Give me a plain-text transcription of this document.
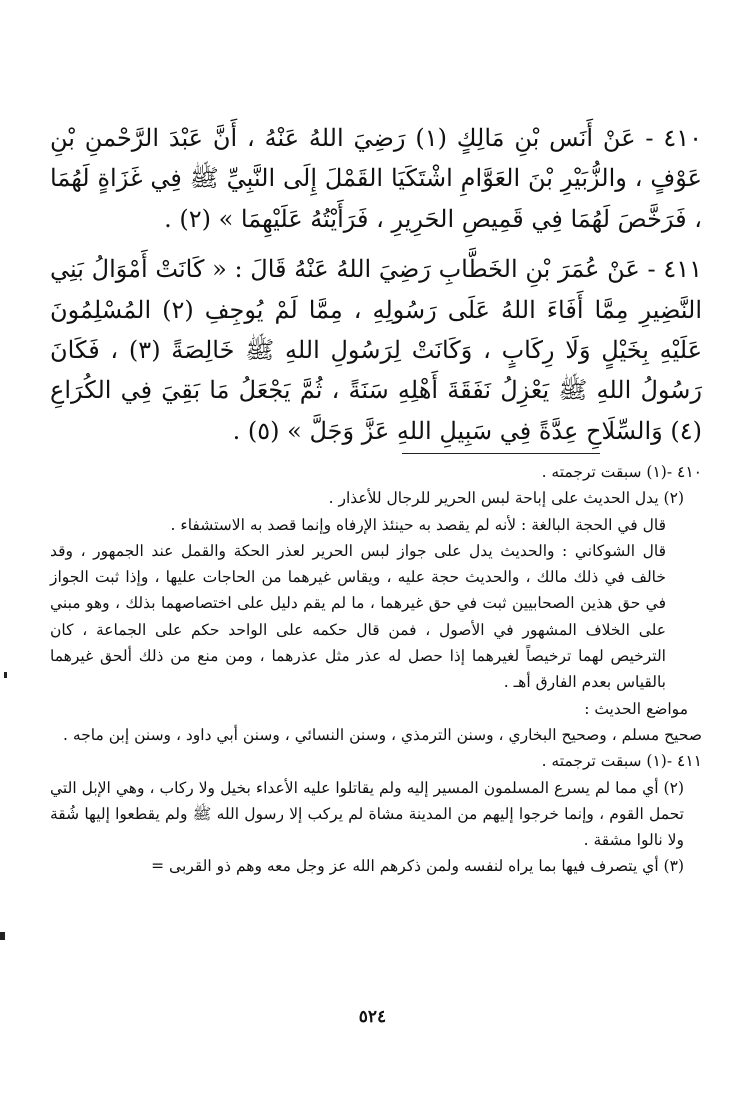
٤١٠ - عَنْ أَنَس بْنِ مَالِكٍ (١) رَضِيَ اللهُ عَنْهُ ، أَنَّ عَبْدَ الرَّحْمنِ بْنِ عَوْفٍ ، والزُّبَيْرِ بْنَ العَوَّامِ اشْتَكَيَا القَمْلَ إِلَى النَّبِيِّ ﷺ فِي غَزَاةٍ لَهُمَا ، فَرَخَّصَ لَهُمَا فِي قَمِيصِ الحَرِيرِ ، فَرَأَيْتُهُ عَلَيْهِمَا » (٢) .

٤١١ - عَنْ عُمَرَ بْنِ الخَطَّابِ رَضِيَ اللهُ عَنْهُ قَالَ : « كَانَتْ أَمْوَالُ بَنِي النَّضِيرِ مِمَّا أَفَاءَ اللهُ عَلَى رَسُولِهِ ، مِمَّا لَمْ يُوجِفِ (٢) المُسْلِمُونَ عَلَيْهِ بِخَيْلٍ وَلَا رِكَابٍ ، وَكَانَتْ لِرَسُولِ اللهِ ﷺ خَالِصَةً (٣) ، فَكَانَ رَسُولُ اللهِ ﷺ يَعْزِلُ نَفَقَةَ أَهْلِهِ سَنَةً ، ثُمَّ يَجْعَلُ مَا بَقِيَ فِي الكُرَاعِ (٤) وَالسِّلَاحِ عِدَّةً فِي سَبِيلِ اللهِ عَزَّ وَجَلَّ » (٥) .

٤١٠ -(١) سبقت ترجمته .
(٢) يدل الحديث على إباحة لبس الحرير للرجال للأعذار .
قال في الحجة البالغة : لأنه لم يقصد به حينئذ الإرفاه وإنما قصد به الاستشفاء .
قال الشوكاني : والحديث يدل على جواز لبس الحرير لعذر الحكة والقمل عند الجمهور ، وقد خالف في ذلك مالك ، والحديث حجة عليه ، ويقاس غيرهما من الحاجات عليها ، وإذا ثبت الجواز في حق هذين الصحابيين ثبت في حق غيرهما ، ما لم يقم دليل على اختصاصهما بذلك ، وهو مبني على الخلاف المشهور في الأصول ، فمن قال حكمه على الواحد حكم على الجماعة ، كان الترخيص لهما ترخيصاً لغيرهما إذا حصل له عذر مثل عذرهما ، ومن منع من ذلك ألحق غيرهما بالقياس بعدم الفارق أهـ .
مواضع الحديث :
صحيح مسلم ، وصحيح البخاري ، وسنن الترمذي ، وسنن النسائي ، وسنن أبي داود ، وسنن إبن ماجه .
٤١١ -(١) سبقت ترجمته .
(٢) أي مما لم يسرع المسلمون المسير إليه ولم يقاتلوا عليه الأعداء بخيل ولا ركاب ، وهي الإبل التي تحمل القوم ، وإنما خرجوا إليهم من المدينة مشاة لم يركب إلا رسول الله ﷺ ولم يقطعوا إليها شُقة ولا نالوا مشقة .
(٣) أي يتصرف فيها بما يراه لنفسه ولمن ذكرهم الله عز وجل معه وهم ذو القربى =
٥٢٤
